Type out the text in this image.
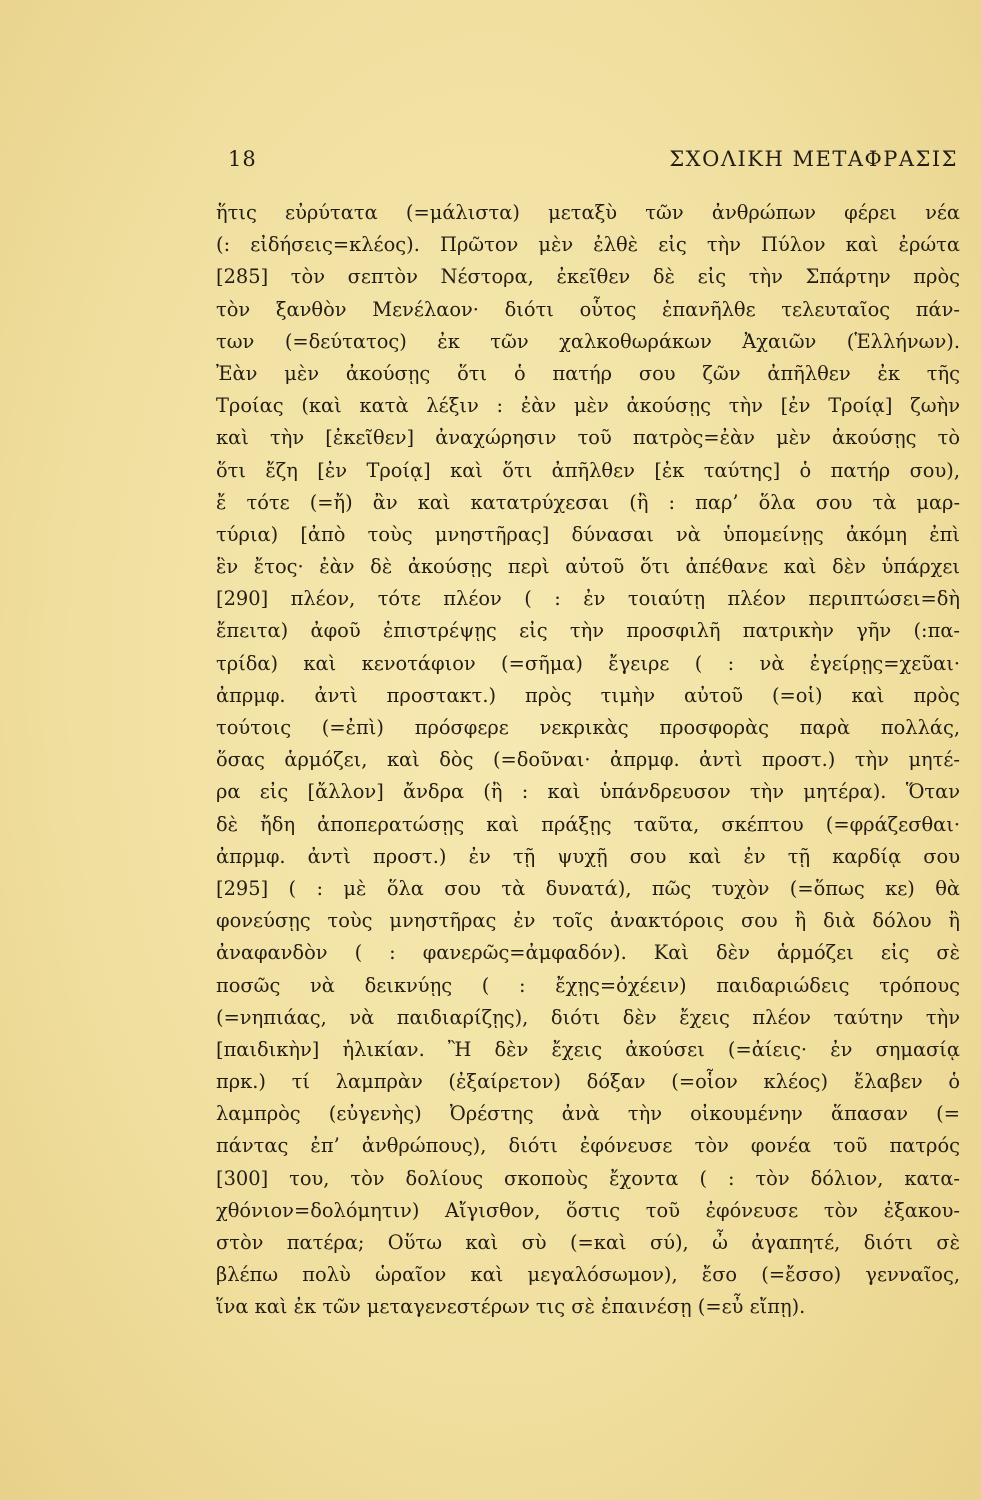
18	ΣΧΟΛΙΚΗ ΜΕΤΑΦΡΑΣΙΣ
ἥτις εὐρύτατα (=μάλιστα) μεταξὺ τῶν ἀνθρώπων φέρει νέα
(: εἰδήσεις=κλέος). Πρῶτον μὲν ἐλθὲ εἰς τὴν Πύλον καὶ ἐρώτα
[285] τὸν σεπτὸν Νέστορα, ἐκεῖθεν δὲ εἰς τὴν Σπάρτην πρὸς
τὸν ξανθὸν Μενέλαον· διότι οὗτος ἐπανῆλθε τελευταῖος πάν-
των (=δεύτατος) ἐκ τῶν χαλκοθωράκων Ἀχαιῶν (Ἑλλήνων).
Ἐὰν μὲν ἀκούσῃς ὅτι ὁ πατήρ σου ζῶν ἀπῆλθεν ἐκ τῆς
Τροίας (καὶ κατὰ λέξιν : ἐὰν μὲν ἀκούσῃς τὴν [ἐν Τροίᾳ] ζωὴν
καὶ τὴν [ἐκεῖθεν] ἀναχώρησιν τοῦ πατρὸς=ἐὰν μὲν ἀκούσῃς τὸ
ὅτι ἔζη [ἐν Τροίᾳ] καὶ ὅτι ἀπῆλθεν [ἐκ ταύτης] ὁ πατήρ σου),
ἔ τότε (=ἤ) ἂν καὶ κατατρύχεσαι (ἢ : παρ’ ὅλα σου τὰ μαρ-
τύρια) [ἀπὸ τοὺς μνηστῆρας] δύνασαι νὰ ὑπομείνῃς ἀκόμη ἐπὶ
ἓν ἔτος· ἐὰν δὲ ἀκούσῃς περὶ αὐτοῦ ὅτι ἀπέθανε καὶ δὲν ὑπάρχει
[290] πλέον, τότε πλέον ( : ἐν τοιαύτῃ πλέον περιπτώσει=δὴ
ἔπειτα) ἀφοῦ ἐπιστρέψῃς εἰς τὴν προσφιλῆ πατρικὴν γῆν (:πα-
τρίδα) καὶ κενοτάφιον (=σῆμα) ἔγειρε ( : νὰ ἐγείρῃς=χεῦαι·
ἀπρμφ. ἀντὶ προστακτ.) πρὸς τιμὴν αὐτοῦ (=οἱ) καὶ πρὸς
τούτοις (=ἐπὶ) πρόσφερε νεκρικὰς προσφορὰς παρὰ πολλάς,
ὅσας ἁρμόζει, καὶ δὸς (=δοῦναι· ἀπρμφ. ἀντὶ προστ.) τὴν μητέ-
ρα εἰς [ἄλλον] ἄνδρα (ἢ : καὶ ὑπάνδρευσον τὴν μητέρα). Ὅταν
δὲ ἤδη ἀποπερατώσῃς καὶ πράξῃς ταῦτα, σκέπτου (=φράζεσθαι·
ἀπρμφ. ἀντὶ προστ.) ἐν τῇ ψυχῇ σου καὶ ἐν τῇ καρδίᾳ σου
[295] ( : μὲ ὅλα σου τὰ δυνατά), πῶς τυχὸν (=ὅπως κε) θὰ
φονεύσῃς τοὺς μνηστῆρας ἐν τοῖς ἀνακτόροις σου ἢ διὰ δόλου ἢ
ἀναφανδὸν ( : φανερῶς=ἀμφαδόν). Καὶ δὲν ἁρμόζει εἰς σὲ
ποσῶς νὰ δεικνύῃς ( : ἔχῃς=ὀχέειν) παιδαριώδεις τρόπους
(=νηπιάας, νὰ παιδιαρίζῃς), διότι δὲν ἔχεις πλέον ταύτην τὴν
[παιδικὴν] ἡλικίαν. Ἢ δὲν ἔχεις ἀκούσει (=ἀίεις· ἐν σημασίᾳ
πρκ.) τί λαμπρὰν (ἐξαίρετον) δόξαν (=οἷον κλέος) ἔλαβεν ὁ
λαμπρὸς (εὐγενὴς) Ὀρέστης ἀνὰ τὴν οἰκουμένην ἅπασαν (=
πάντας ἐπ’ ἀνθρώπους), διότι ἐφόνευσε τὸν φονέα τοῦ πατρός
[300] του, τὸν δολίους σκοποὺς ἔχοντα ( : τὸν δόλιον, κατα-
χθόνιον=δολόμητιν) Αἴγισθον, ὅστις τοῦ ἐφόνευσε τὸν ἐξακου-
στὸν πατέρα; Οὕτω καὶ σὺ (=καὶ σύ), ὦ ἀγαπητέ, διότι σὲ
βλέπω πολὺ ὡραῖον καὶ μεγαλόσωμον), ἔσο (=ἔσσο) γενναῖος,
ἵνα καὶ ἐκ τῶν μεταγενεστέρων τις σὲ ἐπαινέσῃ (=εὖ εἴπῃ).
